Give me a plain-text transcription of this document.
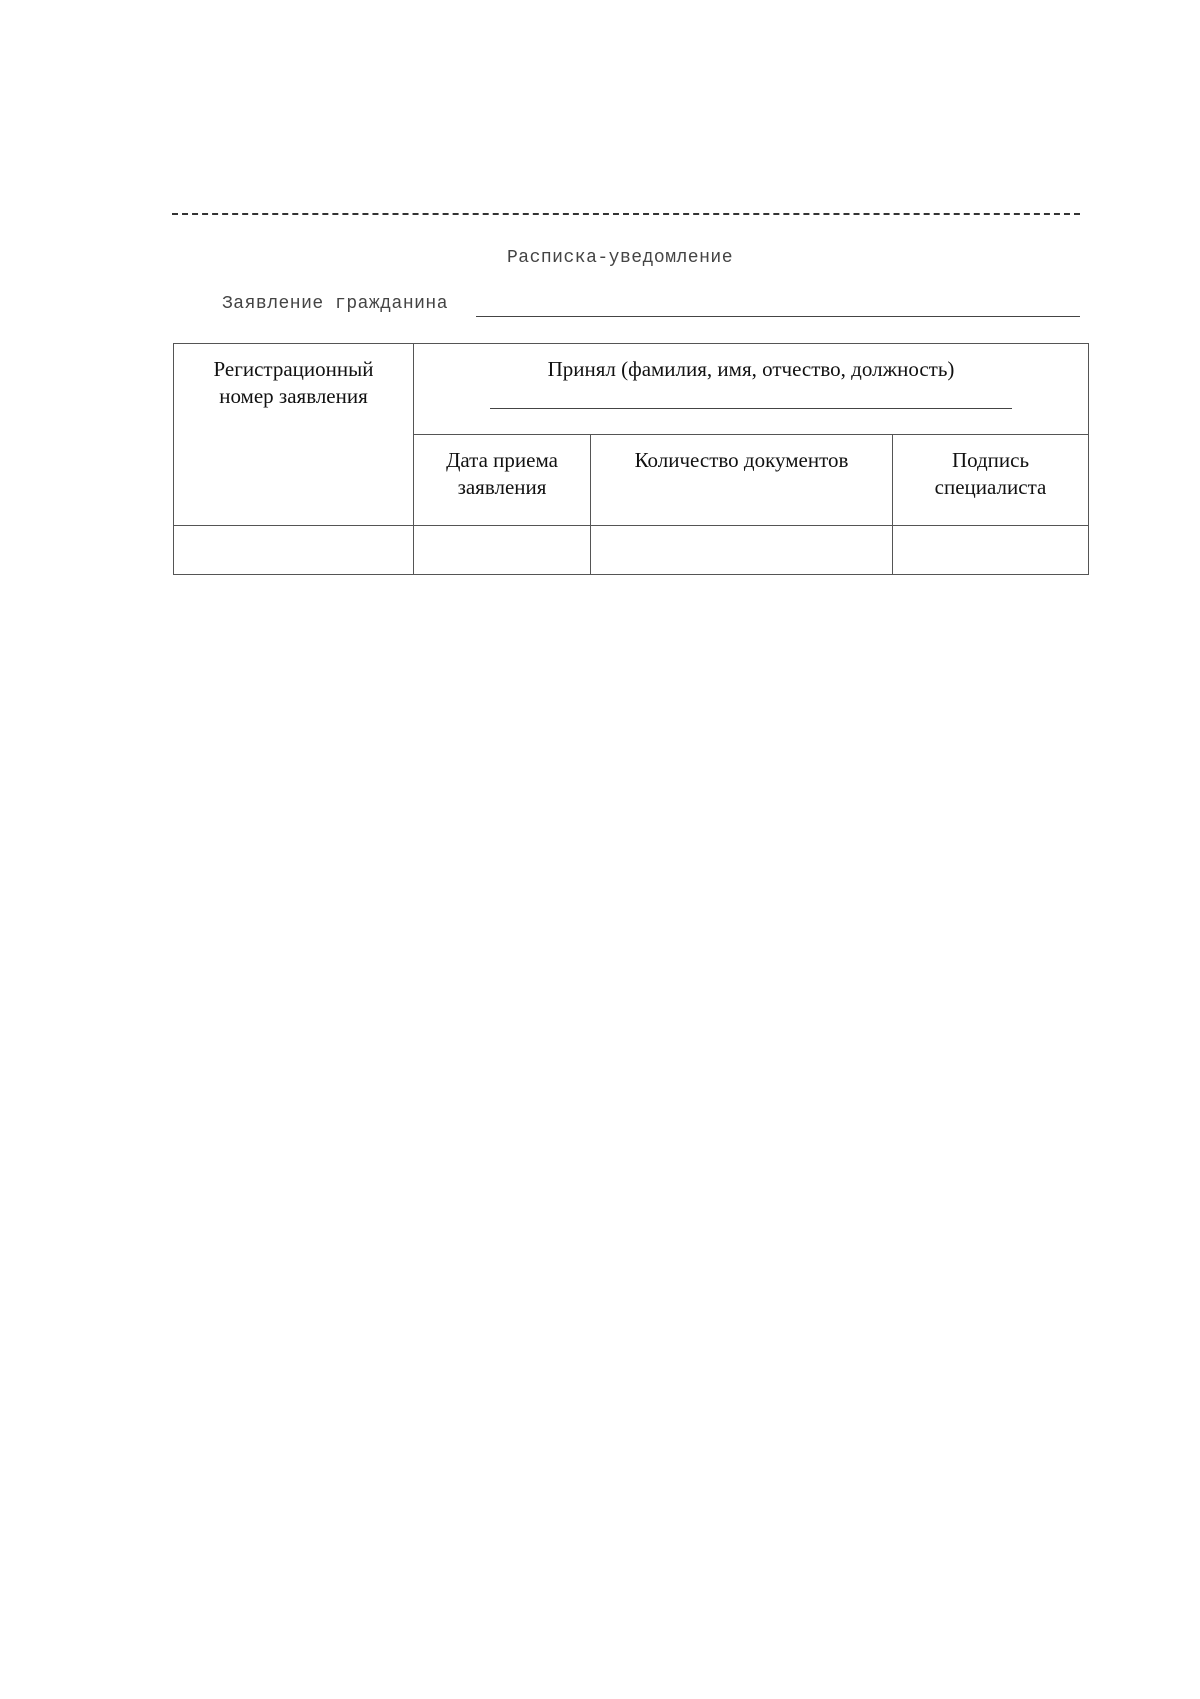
Расписка-уведомление
Заявление гражданина
Регистрационный номер заявления	Принял (фамилия, имя, отчество, должность)		

	Дата приема заявления	Количество документов	Подпись специалиста
